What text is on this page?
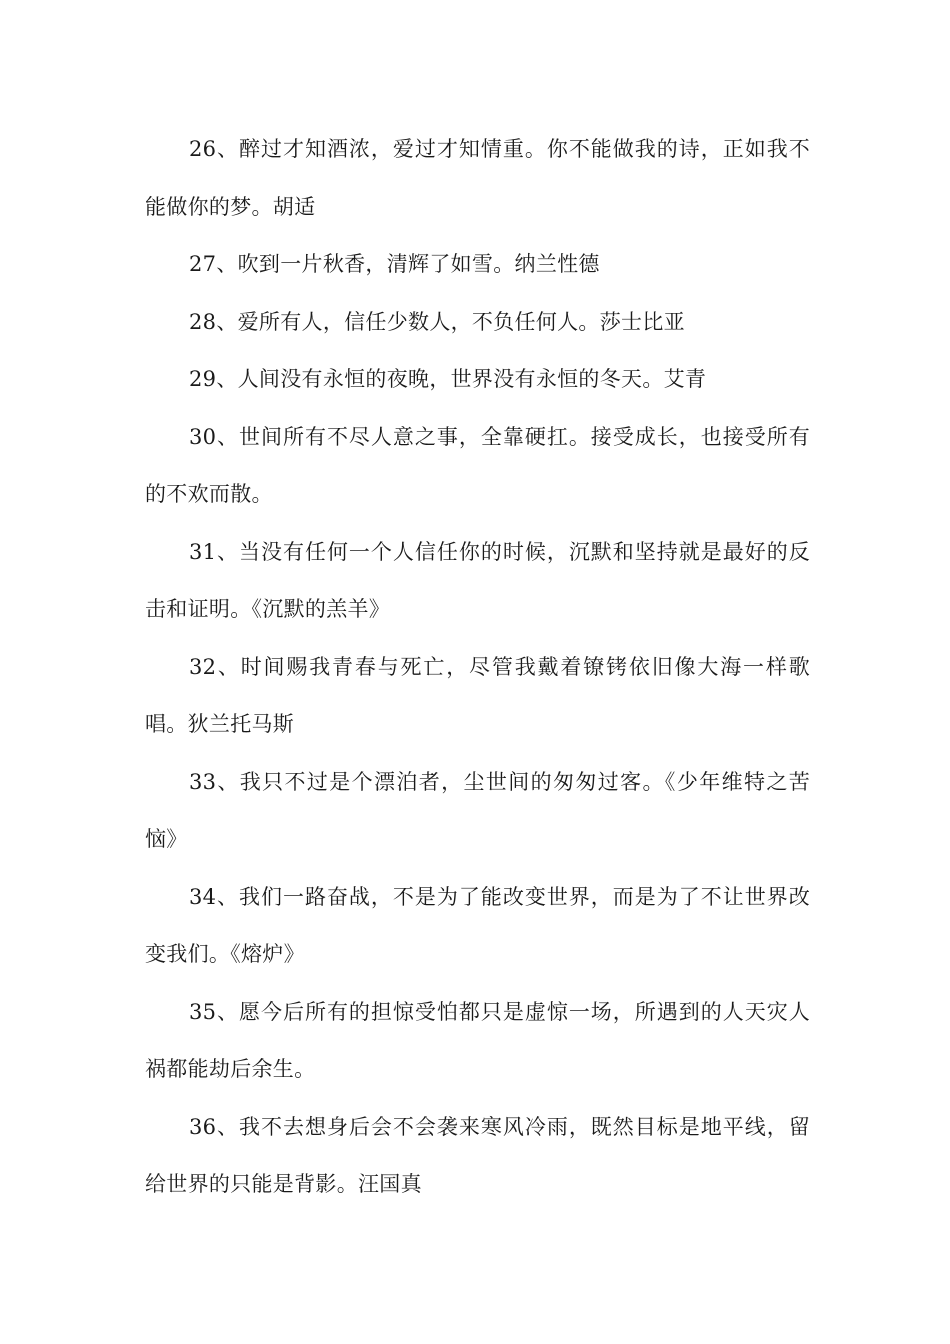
26、醉过才知酒浓，爱过才知情重。你不能做我的诗，正如我不能做你的梦。胡适

27、吹到一片秋香，清辉了如雪。纳兰性德

28、爱所有人，信任少数人，不负任何人。莎士比亚

29、人间没有永恒的夜晚，世界没有永恒的冬天。艾青

30、世间所有不尽人意之事，全靠硬扛。接受成长，也接受所有的不欢而散。

31、当没有任何一个人信任你的时候，沉默和坚持就是最好的反击和证明。《沉默的羔羊》

32、时间赐我青春与死亡，尽管我戴着镣铐依旧像大海一样歌唱。狄兰托马斯

33、我只不过是个漂泊者，尘世间的匆匆过客。《少年维特之苦恼》

34、我们一路奋战，不是为了能改变世界，而是为了不让世界改变我们。《熔炉》

35、愿今后所有的担惊受怕都只是虚惊一场，所遇到的人天灾人祸都能劫后余生。

36、我不去想身后会不会袭来寒风冷雨，既然目标是地平线，留给世界的只能是背影。汪国真
